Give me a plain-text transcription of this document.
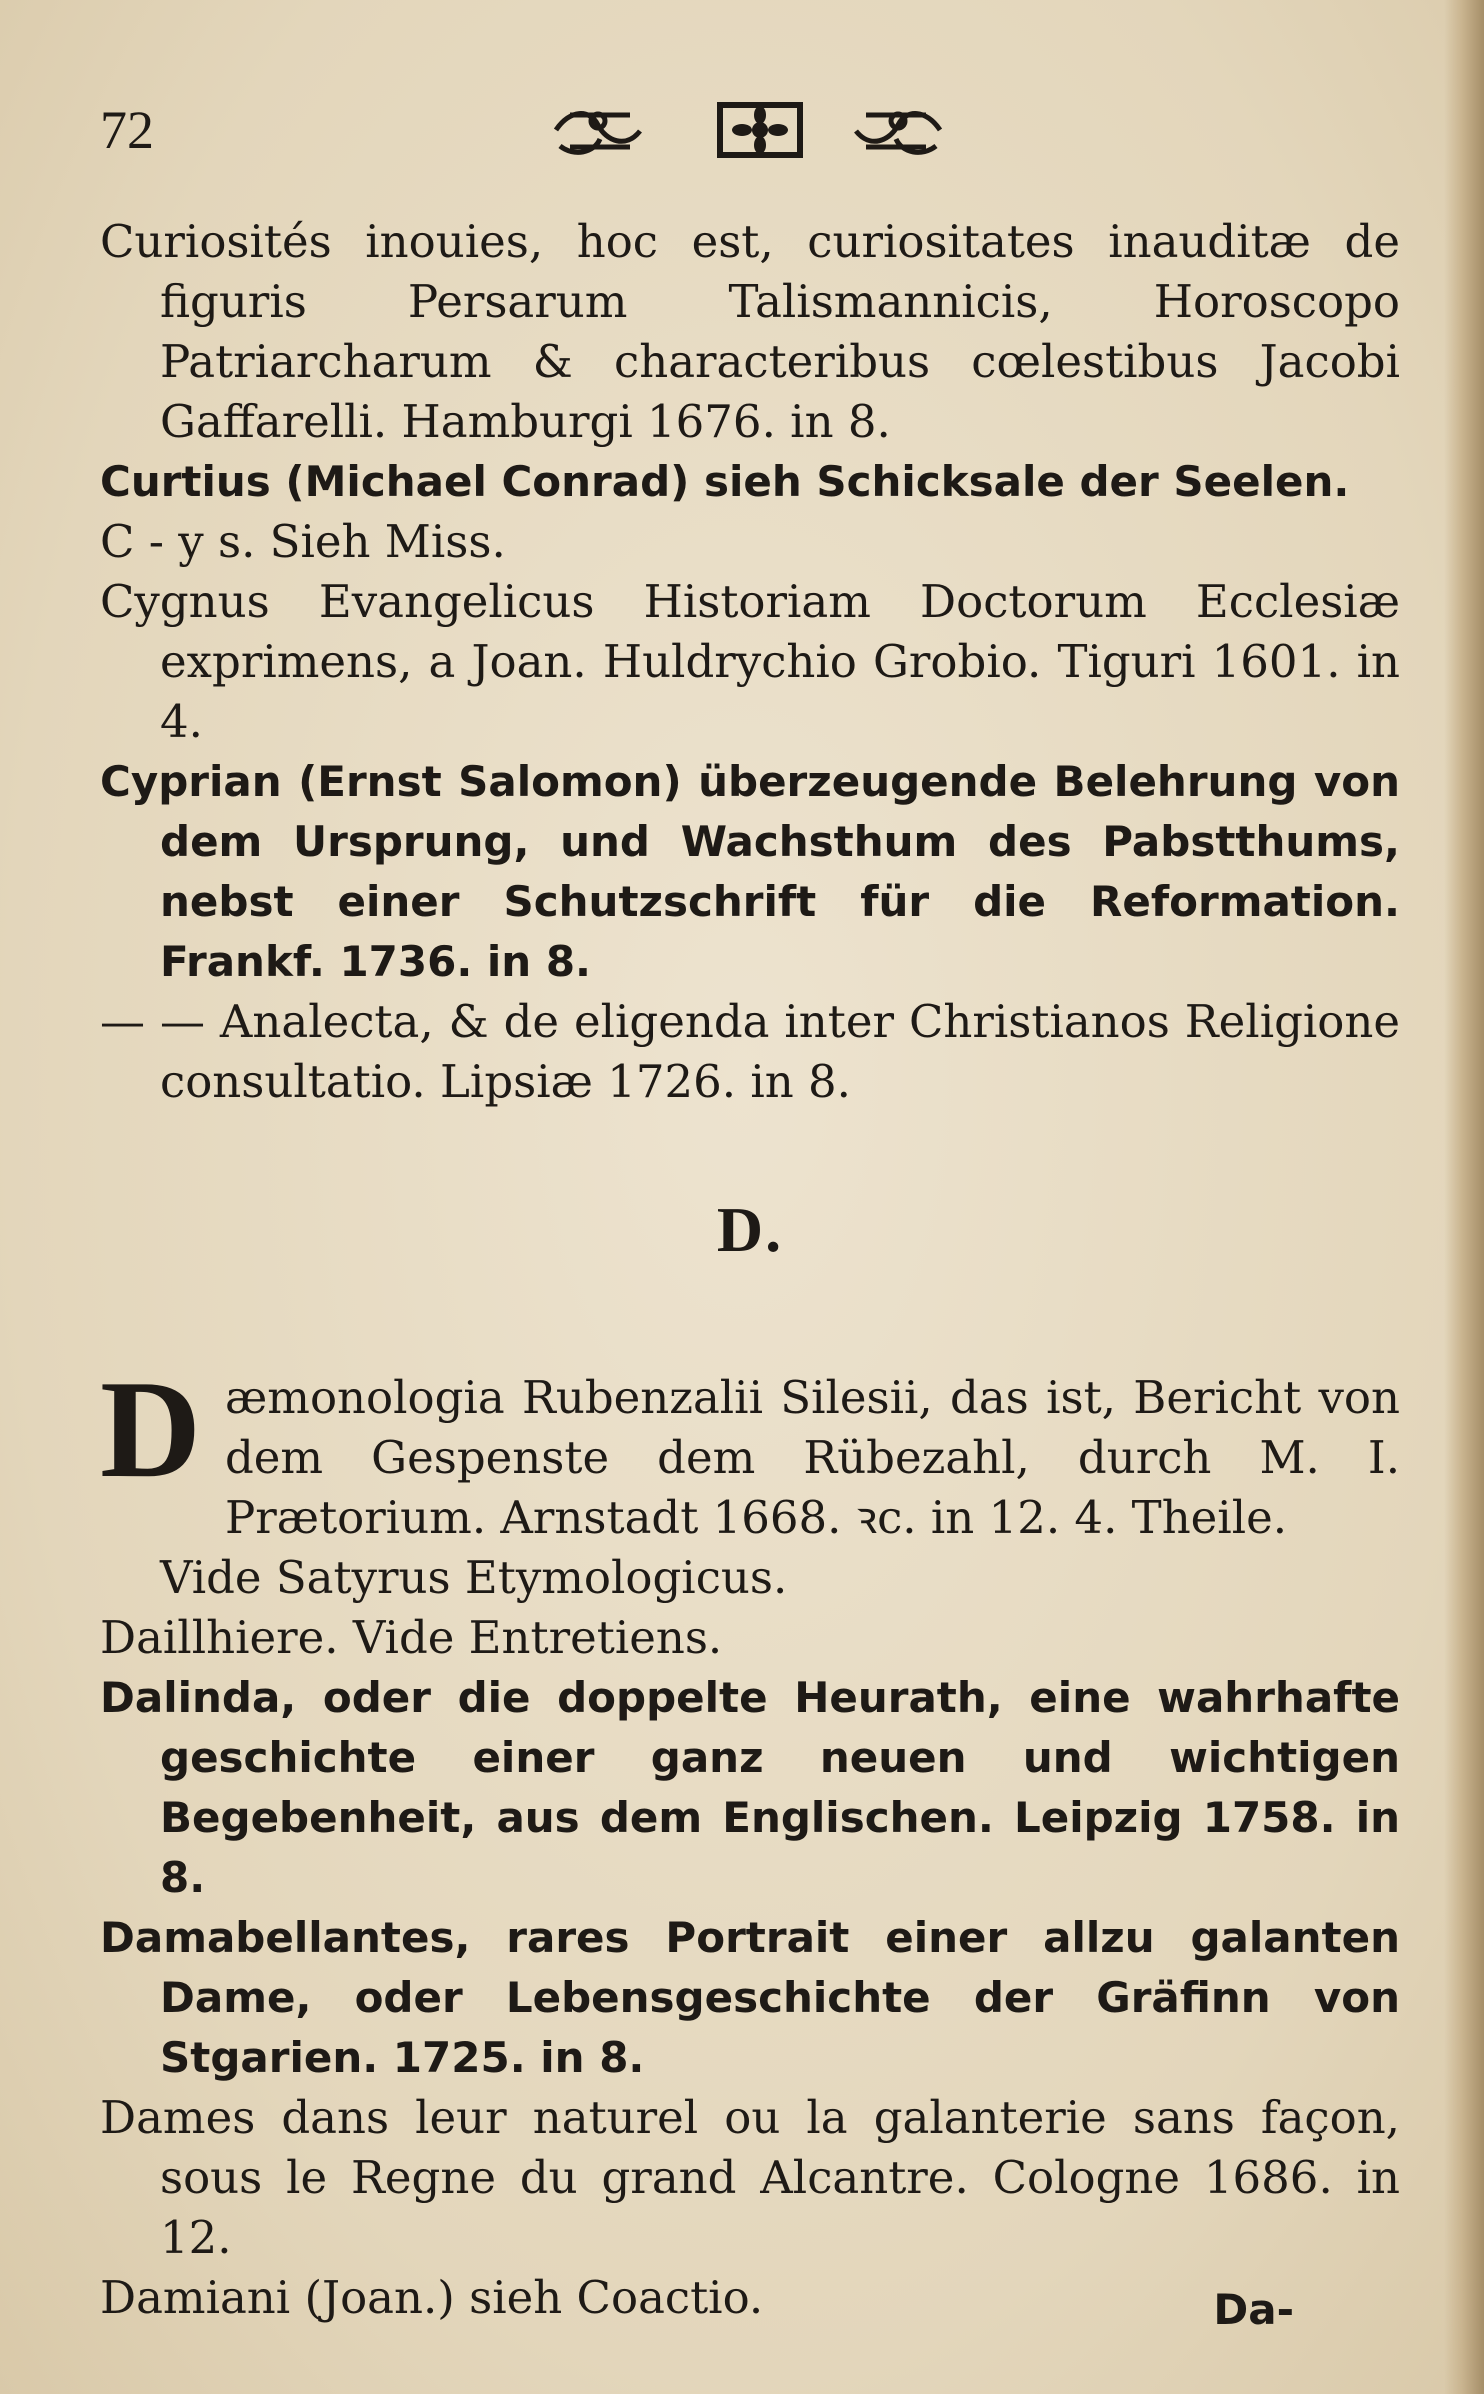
72

Curiosités inouies, hoc est, curiositates inauditæ de figuris Persarum Talismannicis, Horoscopo Patriarcharum & characteribus cœlestibus Jacobi Gaffarelli. Hamburgi 1676. in 8.

Curtius (Michael Conrad) sieh Schicksale der Seelen.

C - y s. Sieh Miss.

Cygnus Evangelicus Historiam Doctorum Ecclesiæ exprimens, a Joan. Huldrychio Grobio. Tiguri 1601. in 4.

Cyprian (Ernst Salomon) überzeugende Belehrung von dem Ursprung, und Wachsthum des Pabstthums, nebst einer Schutzschrift für die Reformation. Frankf. 1736. in 8.

— — Analecta, & de eligenda inter Christianos Religione consultatio. Lipsiæ 1726. in 8.

D.
D æmonologia Rubenzalii Silesii, das ist, Bericht von dem Gespenste dem Rübezahl, durch M. I. Prætorium. Arnstadt 1668. ꝛc. in 12. 4. Theile.

Vide Satyrus Etymologicus.

Daillhiere. Vide Entretiens.

Dalinda, oder die doppelte Heurath, eine wahrhafte geschichte einer ganz neuen und wichtigen Begebenheit, aus dem Englischen. Leipzig 1758. in 8.

Damabellantes, rares Portrait einer allzu galanten Dame, oder Lebensgeschichte der Gräfinn von Stgarien. 1725. in 8.

Dames dans leur naturel ou la galanterie sans façon, sous le Regne du grand Alcantre. Cologne 1686. in 12.

Damiani (Joan.) sieh Coactio.	Da-
